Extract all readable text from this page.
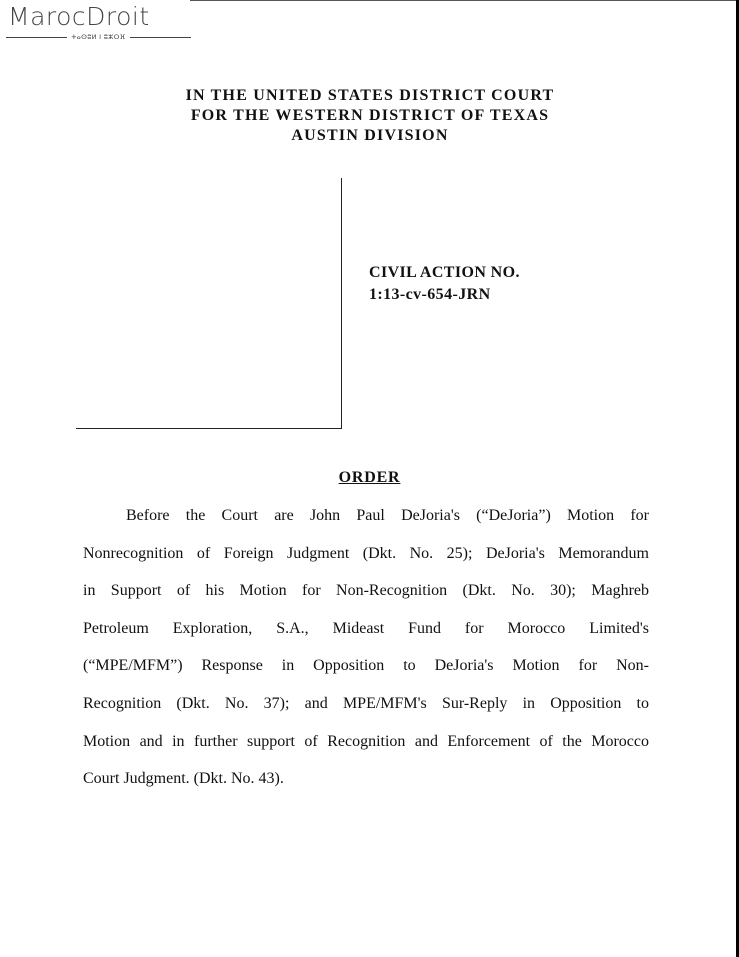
MarocDroit
ⵜⴰⵙⵓⵍ ⵏ ⵓⵣⵔⴼ
IN THE UNITED STATES DISTRICT COURT
FOR THE WESTERN DISTRICT OF TEXAS
AUSTIN DIVISION
CIVIL ACTION NO.
1:13-cv-654-JRN
ORDER
Before the Court are John Paul DeJoria's (“DeJoria”) Motion for
Nonrecognition of Foreign Judgment (Dkt. No. 25); DeJoria's Memorandum
in Support of his Motion for Non-Recognition (Dkt. No. 30); Maghreb
Petroleum Exploration, S.A., Mideast Fund for Morocco Limited's
(“MPE/MFM”) Response in Opposition to DeJoria's Motion for Non-
Recognition (Dkt. No. 37); and MPE/MFM's Sur-Reply in Opposition to
Motion and in further support of Recognition and Enforcement of the Morocco
Court Judgment. (Dkt. No. 43).
